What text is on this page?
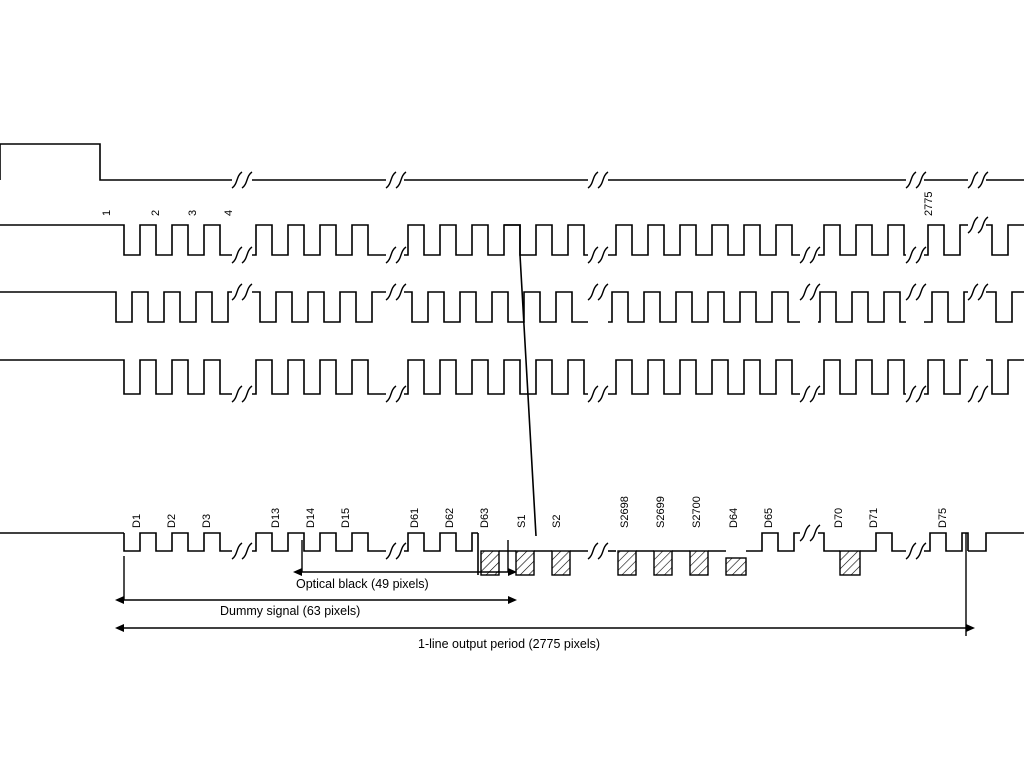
1	2 3 4	2775
D1 D2 D3	D13 D14 D15	D61 D62 D63 S1 S2	S2698 S2699 S2700 D64 D65	D70 D71	D75
Optical black (49 pixels)
Dummy signal (63 pixels)
1-line output period (2775 pixels)
